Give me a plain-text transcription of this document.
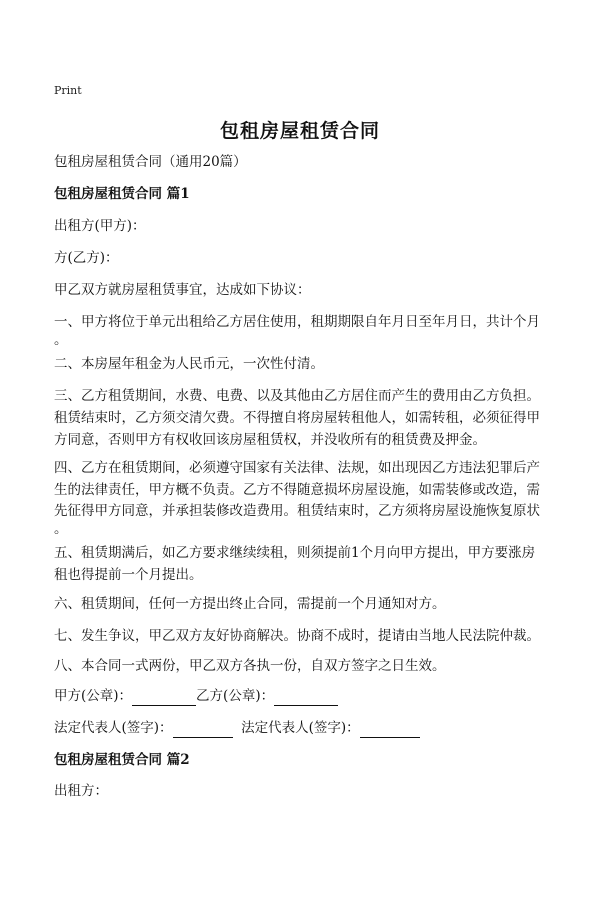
Print
包租房屋租赁合同
包租房屋租赁合同（通用20篇）
包租房屋租赁合同 篇1
出租方(甲方)：
方(乙方)：
甲乙双方就房屋租赁事宜，达成如下协议：
一、甲方将位于单元出租给乙方居住使用，租期期限自年月日至年月日，共计个月
。
二、本房屋年租金为人民币元，一次性付清。
三、乙方租赁期间，水费、电费、以及其他由乙方居住而产生的费用由乙方负担。
租赁结束时，乙方须交清欠费。不得擅自将房屋转租他人，如需转租，必须征得甲
方同意，否则甲方有权收回该房屋租赁权，并没收所有的租赁费及押金。
四、乙方在租赁期间，必须遵守国家有关法律、法规，如出现因乙方违法犯罪后产
生的法律责任，甲方概不负责。乙方不得随意损坏房屋设施，如需装修或改造，需
先征得甲方同意，并承担装修改造费用。租赁结束时，乙方须将房屋设施恢复原状
。
五、租赁期满后，如乙方要求继续续租，则须提前1个月向甲方提出，甲方要涨房
租也得提前一个月提出。
六、租赁期间，任何一方提出终止合同，需提前一个月通知对方。
七、发生争议，甲乙双方友好协商解决。协商不成时，提请由当地人民法院仲裁。
八、本合同一式两份，甲乙双方各执一份，自双方签字之日生效。
甲方(公章)：	乙方(公章)：
法定代表人(签字)：	法定代表人(签字)：
包租房屋租赁合同 篇2
出租方：
